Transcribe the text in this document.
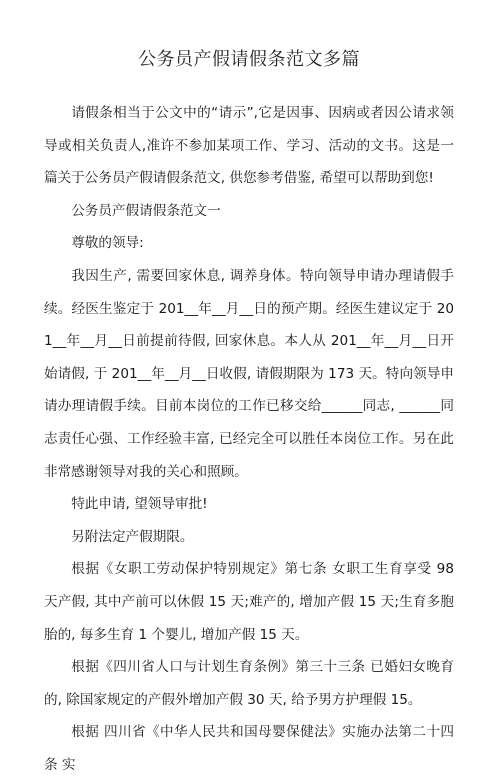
公务员产假请假条范文多篇

请假条相当于公文中的“请示”,它是因事、因病或者因公请求领导或相关负责人,准许不参加某项工作、学习、活动的文书。这是一篇关于公务员产假请假条范文, 供您参考借鉴, 希望可以帮助到您!

公务员产假请假条范文一

尊敬的领导:

我因生产, 需要回家休息, 调养身体。特向领导申请办理请假手续。经医生鉴定于 201__年__月__日的预产期。经医生建议定于 201__年__月__日前提前待假, 回家休息。本人从 201__年__月__日开始请假, 于 201__年__月__日收假, 请假期限为 173 天。特向领导申请办理请假手续。目前本岗位的工作已移交给______同志, ______同志责任心强、工作经验丰富, 已经完全可以胜任本岗位工作。另在此非常感谢领导对我的关心和照顾。

特此申请, 望领导审批!

另附法定产假期限。

根据《女职工劳动保护特别规定》第七条 女职工生育享受 98 天产假, 其中产前可以休假 15 天;难产的, 增加产假 15 天;生育多胞胎的, 每多生育 1 个婴儿, 增加产假 15 天。

根据《四川省人口与计划生育条例》第三十三条 已婚妇女晚育的, 除国家规定的产假外增加产假 30 天, 给予男方护理假 15。

根据 四川省《中华人民共和国母婴保健法》实施办法第二十四条 实
